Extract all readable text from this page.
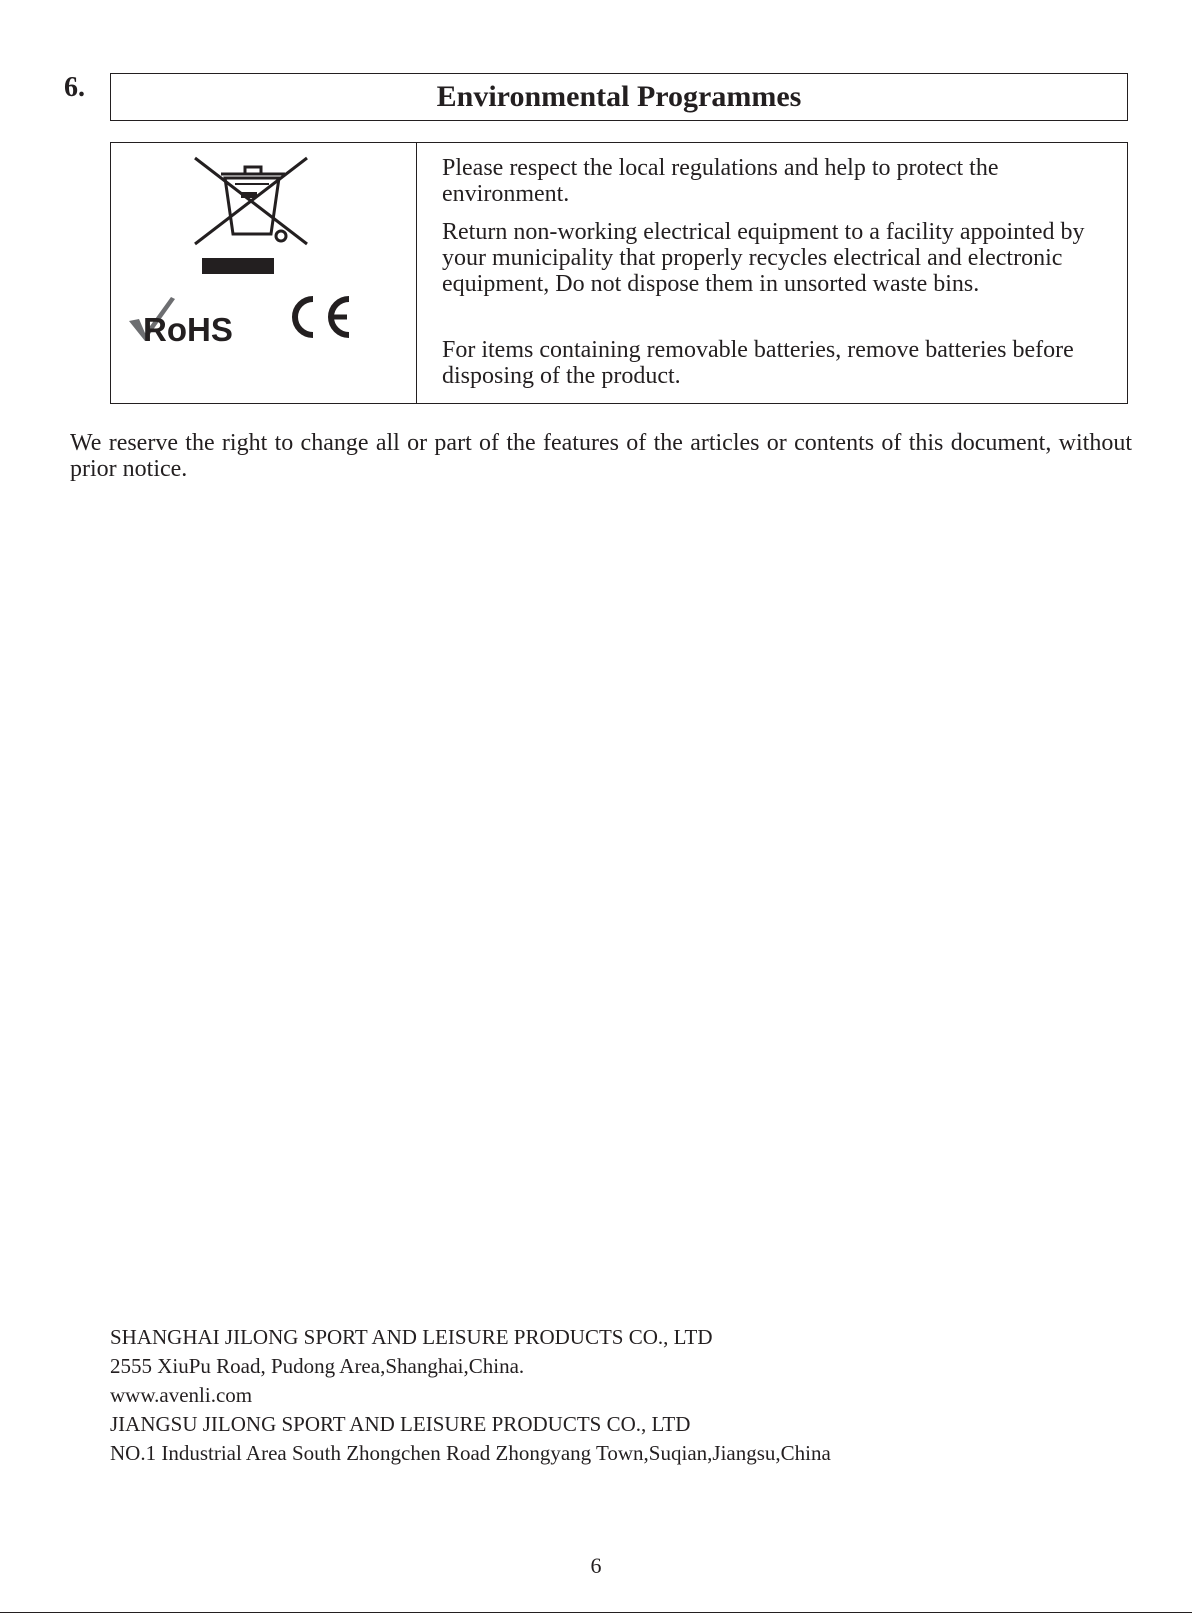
6.	Environmental Programmes
RoHS

Please respect the local regulations and help to protect the environment.

Return non-working electrical equipment to a facility appointed by your municipality that properly recycles electrical and electronic equipment, Do not dispose them in unsorted waste bins.

For items containing removable batteries, remove batteries before disposing of the product.

We reserve the right to change all or part of the features of the articles or contents of this document, without prior notice.

SHANGHAI JILONG SPORT AND LEISURE PRODUCTS CO., LTD
2555 XiuPu Road, Pudong Area,Shanghai,China.
www.avenli.com
JIANGSU JILONG SPORT AND LEISURE PRODUCTS CO., LTD
NO.1 Industrial Area South Zhongchen Road Zhongyang Town,Suqian,Jiangsu,China
6
